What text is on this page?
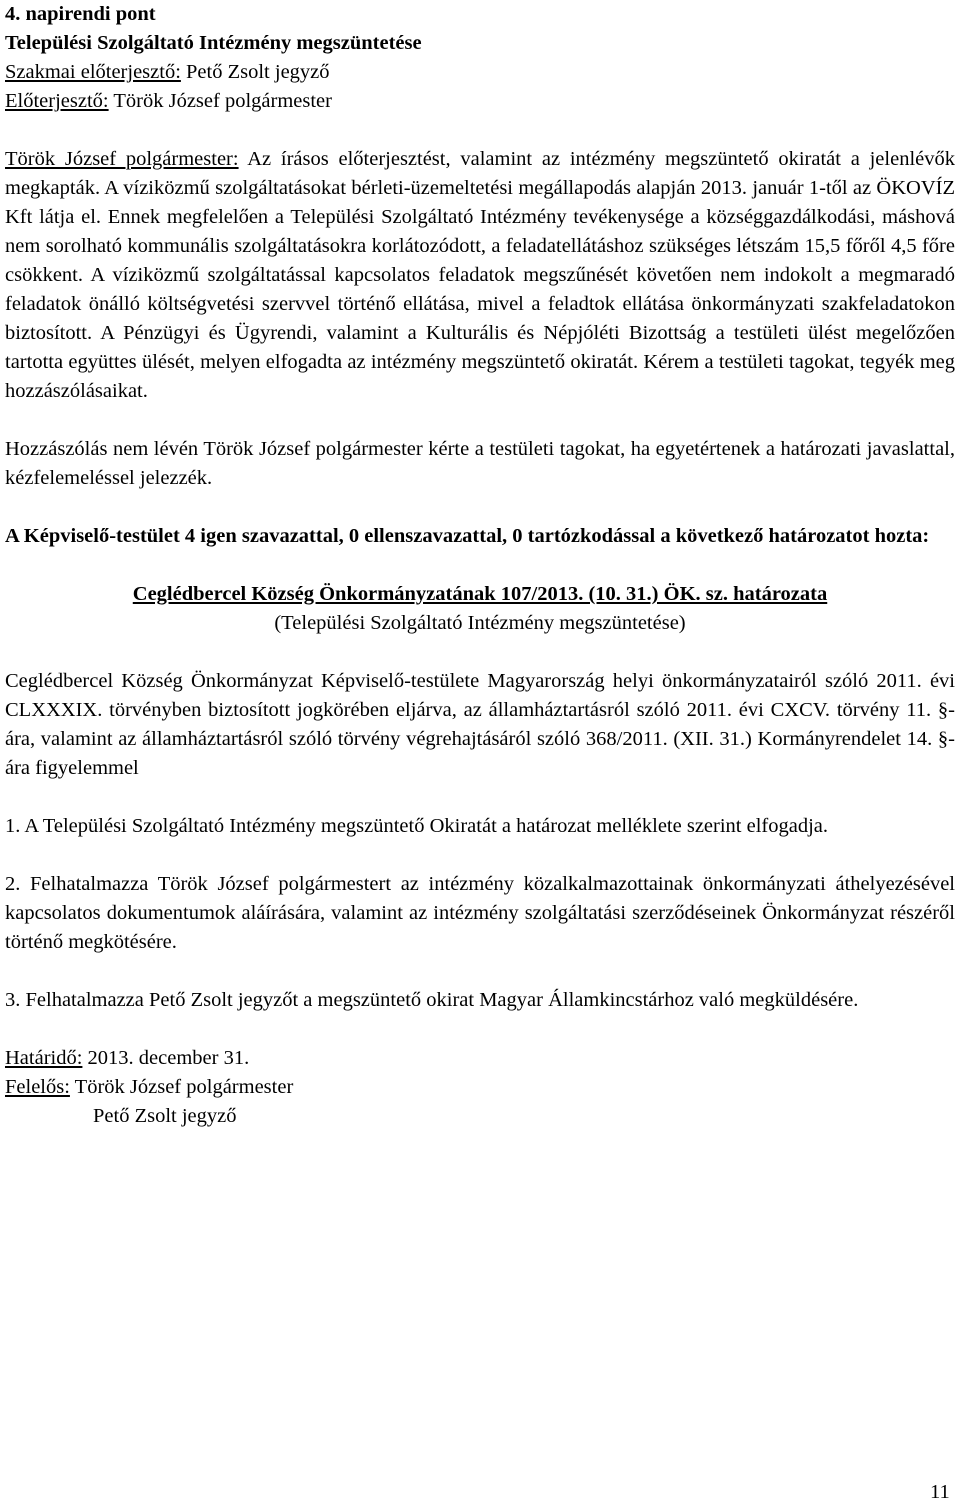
4. napirendi pont
Települési Szolgáltató Intézmény megszüntetése
Szakmai előterjesztő: Pető Zsolt jegyző
Előterjesztő: Török József polgármester

Török József polgármester: Az írásos előterjesztést, valamint az intézmény megszüntető okiratát a jelenlévők megkapták. A víziközmű szolgáltatásokat bérleti-üzemeltetési megállapodás alapján 2013. január 1-től az ÖKOVÍZ Kft látja el. Ennek megfelelően a Települési Szolgáltató Intézmény tevékenysége a községgazdálkodási, máshová nem sorolható kommunális szolgáltatásokra korlátozódott, a feladatellátáshoz szükséges létszám 15,5 főről 4,5 főre csökkent. A víziközmű szolgáltatással kapcsolatos feladatok megszűnését követően nem indokolt a megmaradó feladatok önálló költségvetési szervvel történő ellátása, mivel a feladtok ellátása önkormányzati szakfeladatokon biztosított. A Pénzügyi és Ügyrendi, valamint a Kulturális és Népjóléti Bizottság a testületi ülést megelőzően tartotta együttes ülését, melyen elfogadta az intézmény megszüntető okiratát. Kérem a testületi tagokat, tegyék meg hozzászólásaikat.

Hozzászólás nem lévén Török József polgármester kérte a testületi tagokat, ha egyetértenek a határozati javaslattal, kézfelemeléssel jelezzék.

A Képviselő-testület 4 igen szavazattal, 0 ellenszavazattal, 0 tartózkodással a következő határozatot hozta:

Ceglédbercel Község Önkormányzatának 107/2013. (10. 31.) ÖK. sz. határozata
(Települési Szolgáltató Intézmény megszüntetése)

Ceglédbercel Község Önkormányzat Képviselő-testülete Magyarország helyi önkormányzatairól szóló 2011. évi CLXXXIX. törvényben biztosított jogkörében eljárva, az államháztartásról szóló 2011. évi CXCV. törvény 11. §-ára, valamint az államháztartásról szóló törvény végrehajtásáról szóló 368/2011. (XII. 31.) Kormányrendelet 14. §-ára figyelemmel

1. A Települési Szolgáltató Intézmény megszüntető Okiratát a határozat melléklete szerint elfogadja.

2. Felhatalmazza Török József polgármestert az intézmény közalkalmazottainak önkormányzati áthelyezésével kapcsolatos dokumentumok aláírására, valamint az intézmény szolgáltatási szerződéseinek Önkormányzat részéről történő megkötésére.

3. Felhatalmazza Pető Zsolt jegyzőt a megszüntető okirat Magyar Államkincstárhoz való megküldésére.

Határidő: 2013. december 31.
Felelős: Török József polgármester
Pető Zsolt jegyző
11
